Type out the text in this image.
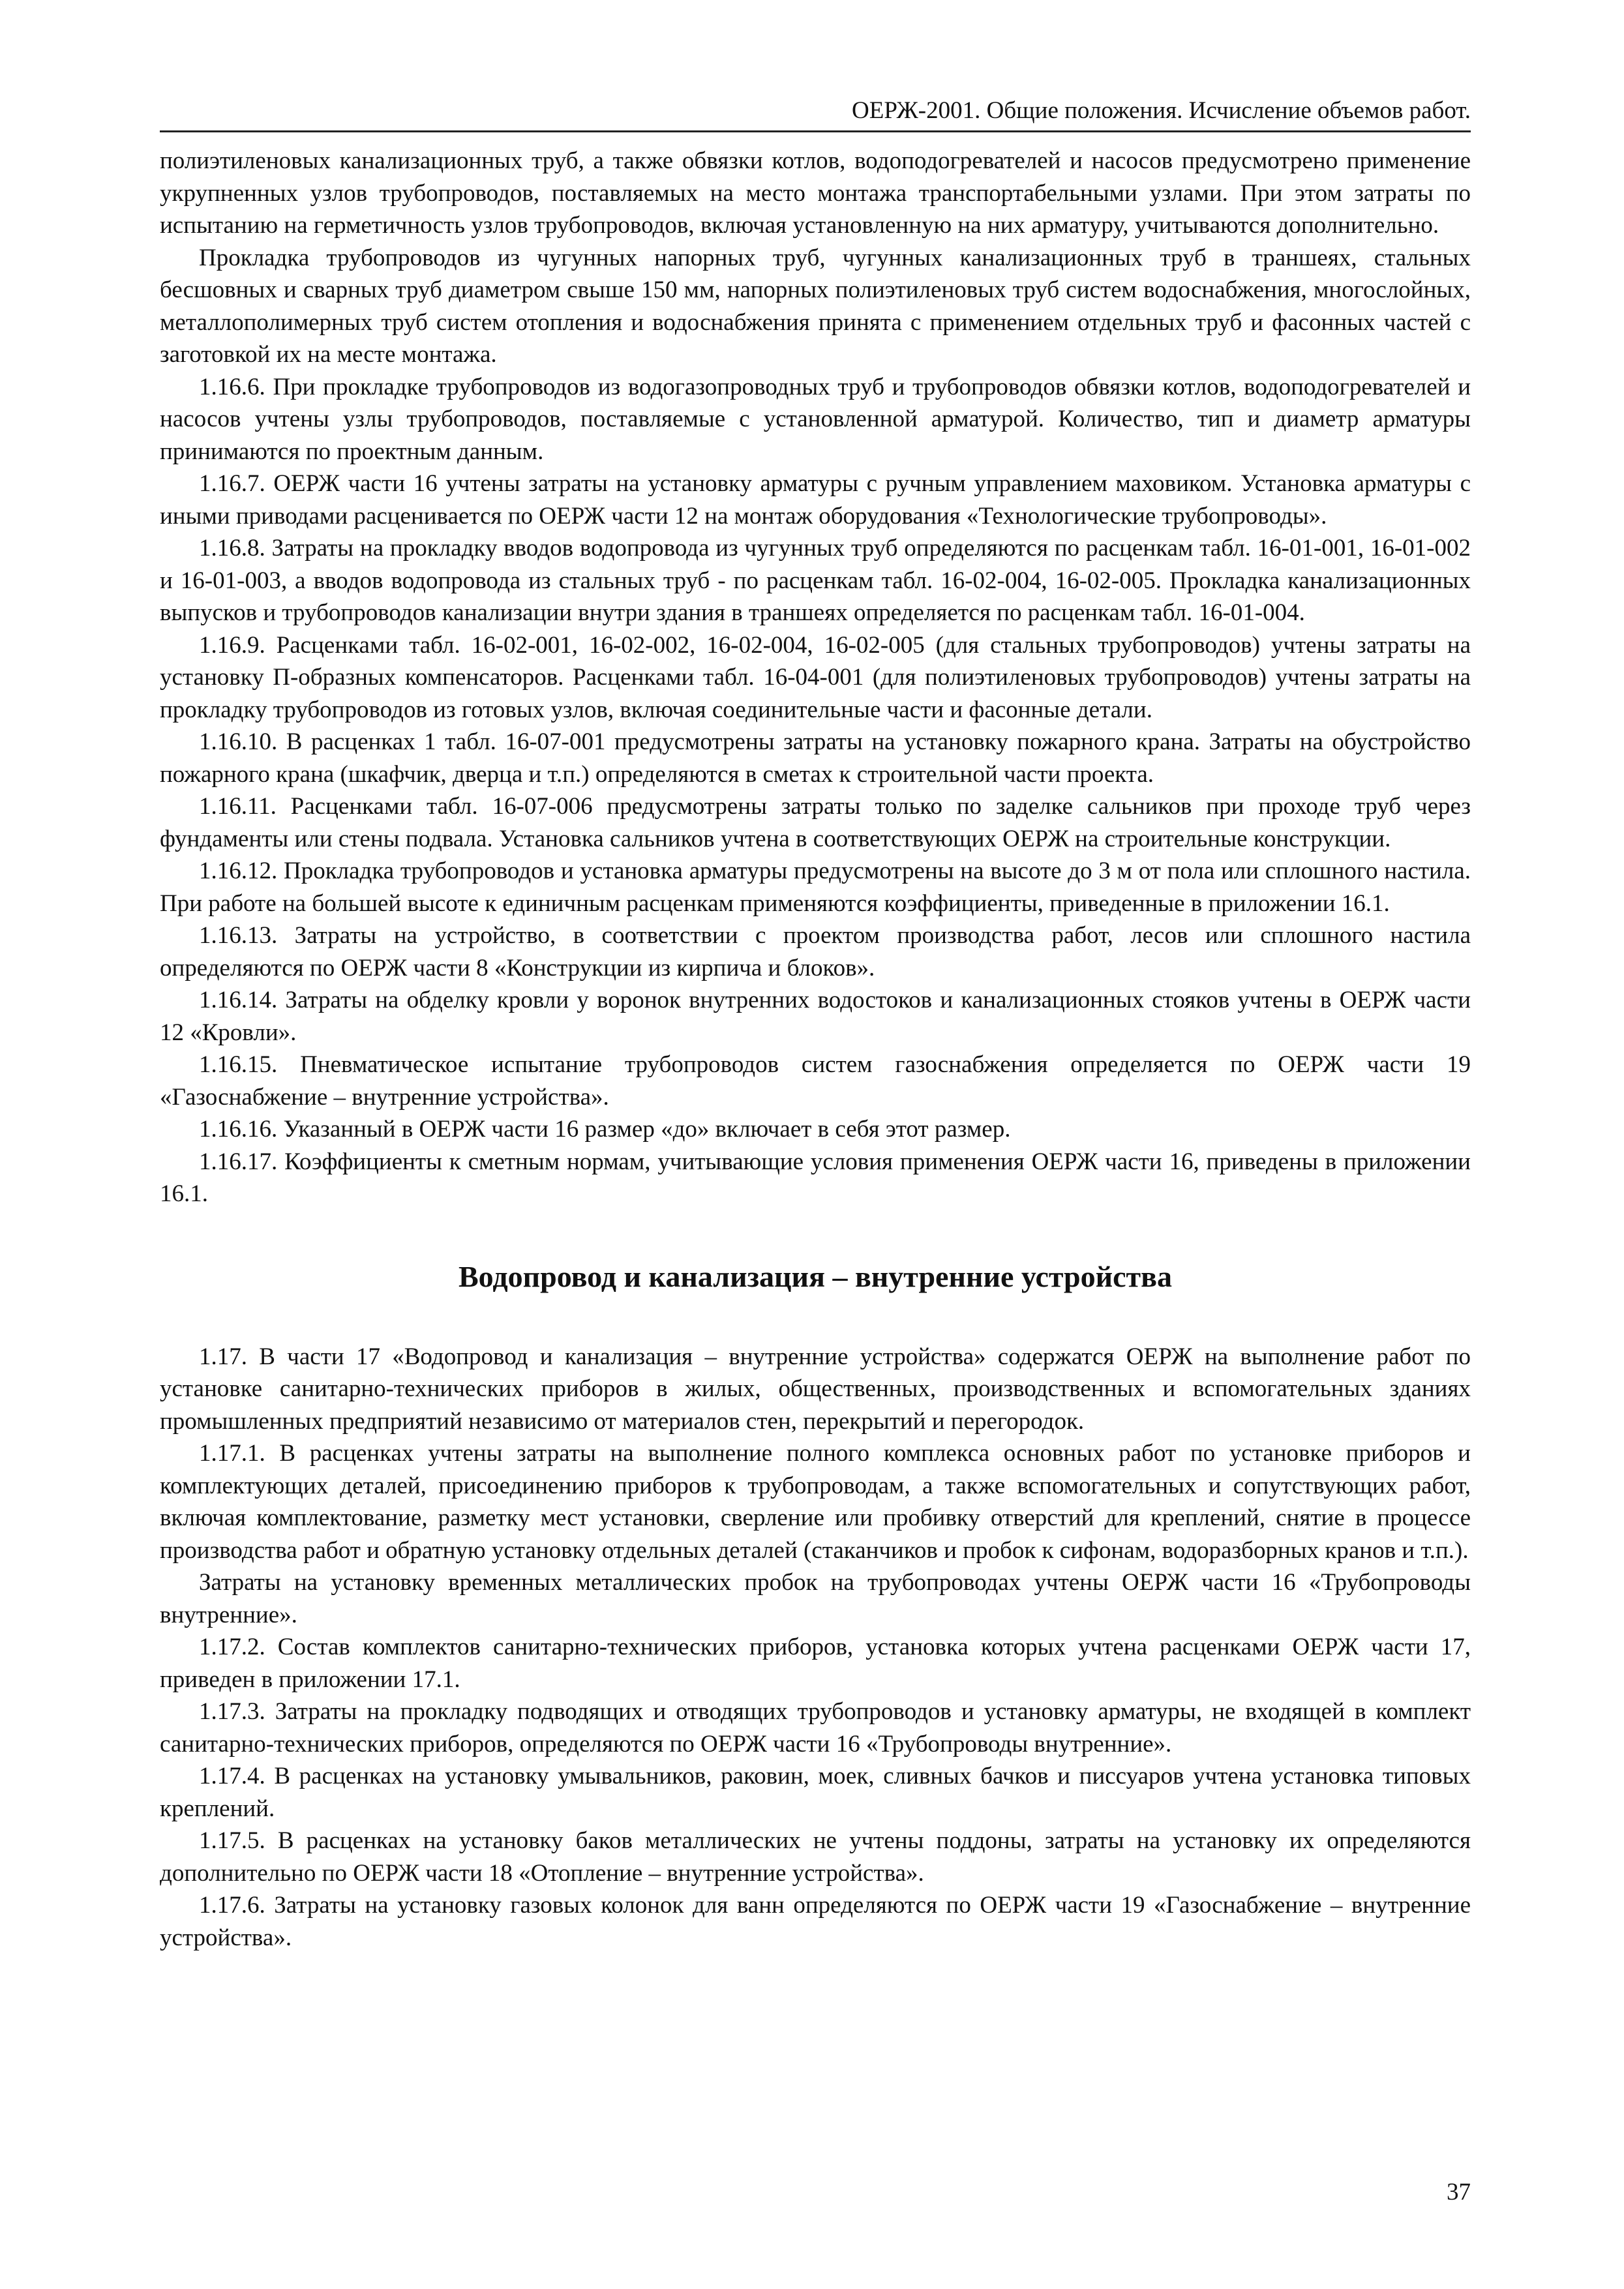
ОЕРЖ-2001. Общие положения. Исчисление объемов работ.

полиэтиленовых канализационных труб, а также обвязки котлов, водоподогревателей и насосов предусмотрено применение укрупненных узлов трубопроводов, поставляемых на место монтажа транспортабельными узлами. При этом затраты по испытанию на герметичность узлов трубопроводов, включая установленную на них арматуру, учитываются дополнительно.

Прокладка трубопроводов из чугунных напорных труб, чугунных канализационных труб в траншеях, стальных бесшовных и сварных труб диаметром свыше 150 мм, напорных полиэтиленовых труб систем водоснабжения, многослойных, металлополимерных труб систем отопления и водоснабжения принята с применением отдельных труб и фасонных частей с заготовкой их на месте монтажа.

1.16.6. При прокладке трубопроводов из водогазопроводных труб и трубопроводов обвязки котлов, водоподогревателей и насосов учтены узлы трубопроводов, поставляемые с установленной арматурой. Количество, тип и диаметр арматуры принимаются по проектным данным.

1.16.7. ОЕРЖ части 16 учтены затраты на установку арматуры с ручным управлением маховиком. Установка арматуры с иными приводами расценивается по ОЕРЖ части 12 на монтаж оборудования «Технологические трубопроводы».

1.16.8. Затраты на прокладку вводов водопровода из чугунных труб определяются по расценкам табл. 16-01-001, 16-01-002 и 16-01-003, а вводов водопровода из стальных труб - по расценкам табл. 16-02-004, 16-02-005. Прокладка канализационных выпусков и трубопроводов канализации внутри здания в траншеях определяется по расценкам табл. 16-01-004.

1.16.9. Расценками табл. 16-02-001, 16-02-002, 16-02-004, 16-02-005 (для стальных трубопроводов) учтены затраты на установку П-образных компенсаторов. Расценками табл. 16-04-001 (для полиэтиленовых трубопроводов) учтены затраты на прокладку трубопроводов из готовых узлов, включая соединительные части и фасонные детали.

1.16.10. В расценках 1 табл. 16-07-001 предусмотрены затраты на установку пожарного крана. Затраты на обустройство пожарного крана (шкафчик, дверца и т.п.) определяются в сметах к строительной части проекта.

1.16.11. Расценками табл. 16-07-006 предусмотрены затраты только по заделке сальников при проходе труб через фундаменты или стены подвала. Установка сальников учтена в соответствующих ОЕРЖ на строительные конструкции.

1.16.12. Прокладка трубопроводов и установка арматуры предусмотрены на высоте до 3 м от пола или сплошного настила. При работе на большей высоте к единичным расценкам применяются коэффициенты, приведенные в приложении 16.1.

1.16.13. Затраты на устройство, в соответствии с проектом производства работ, лесов или сплошного настила определяются по ОЕРЖ части 8 «Конструкции из кирпича и блоков».

1.16.14. Затраты на обделку кровли у воронок внутренних водостоков и канализационных стояков учтены в ОЕРЖ части 12 «Кровли».

1.16.15. Пневматическое испытание трубопроводов систем газоснабжения определяется по ОЕРЖ части 19 «Газоснабжение – внутренние устройства».

1.16.16. Указанный в ОЕРЖ части 16 размер «до» включает в себя этот размер.

1.16.17. Коэффициенты к сметным нормам, учитывающие условия применения ОЕРЖ части 16, приведены в приложении 16.1.

Водопровод и канализация – внутренние устройства

1.17. В части 17 «Водопровод и канализация – внутренние устройства» содержатся ОЕРЖ на выполнение работ по установке санитарно-технических приборов в жилых, общественных, производственных и вспомогательных зданиях промышленных предприятий независимо от материалов стен, перекрытий и перегородок.

1.17.1. В расценках учтены затраты на выполнение полного комплекса основных работ по установке приборов и комплектующих деталей, присоединению приборов к трубопроводам, а также вспомогательных и сопутствующих работ, включая комплектование, разметку мест установки, сверление или пробивку отверстий для креплений, снятие в процессе производства работ и обратную установку отдельных деталей (стаканчиков и пробок к сифонам, водоразборных кранов и т.п.).

Затраты на установку временных металлических пробок на трубопроводах учтены ОЕРЖ части 16 «Трубопроводы внутренние».

1.17.2. Состав комплектов санитарно-технических приборов, установка которых учтена расценками ОЕРЖ части 17, приведен в приложении 17.1.

1.17.3. Затраты на прокладку подводящих и отводящих трубопроводов и установку арматуры, не входящей в комплект санитарно-технических приборов, определяются по ОЕРЖ части 16 «Трубопроводы внутренние».

1.17.4. В расценках на установку умывальников, раковин, моек, сливных бачков и писсуаров учтена установка типовых креплений.

1.17.5. В расценках на установку баков металлических не учтены поддоны, затраты на установку их определяются дополнительно по ОЕРЖ части 18 «Отопление – внутренние устройства».

1.17.6. Затраты на установку газовых колонок для ванн определяются по ОЕРЖ части 19 «Газоснабжение – внутренние устройства».

37
